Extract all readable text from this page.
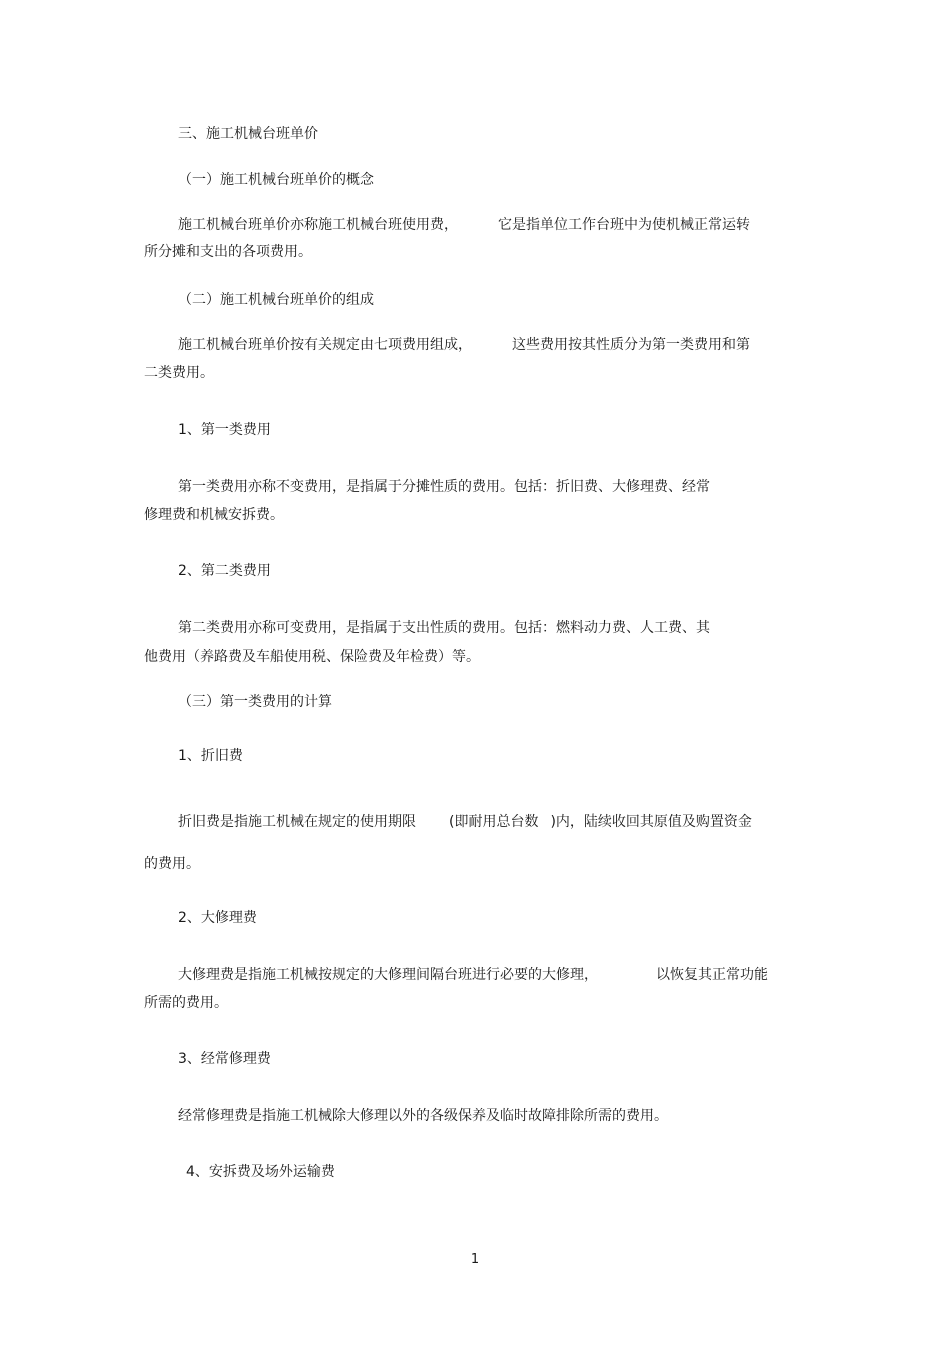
三、施工机械台班单价
（一）施工机械台班单价的概念
施工机械台班单价亦称施工机械台班使用费，	它是指单位工作台班中为使机械正常运转
所分摊和支出的各项费用。
（二）施工机械台班单价的组成
施工机械台班单价按有关规定由七项费用组成，	这些费用按其性质分为第一类费用和第
二类费用。
1、第一类费用
第一类费用亦称不变费用，是指属于分摊性质的费用。包括：折旧费、大修理费、经常
修理费和机械安拆费。
2、第二类费用
第二类费用亦称可变费用，是指属于支出性质的费用。包括：燃料动力费、人工费、其
他费用（养路费及车船使用税、保险费及年检费）等。
（三）第一类费用的计算
1、折旧费
折旧费是指施工机械在规定的使用期限 (即耐用总台数 )内，陆续收回其原值及购置资金
的费用。
2、大修理费
大修理费是指施工机械按规定的大修理间隔台班进行必要的大修理，	以恢复其正常功能
所需的费用。
3、经常修理费
经常修理费是指施工机械除大修理以外的各级保养及临时故障排除所需的费用。
4、安拆费及场外运输费
1
